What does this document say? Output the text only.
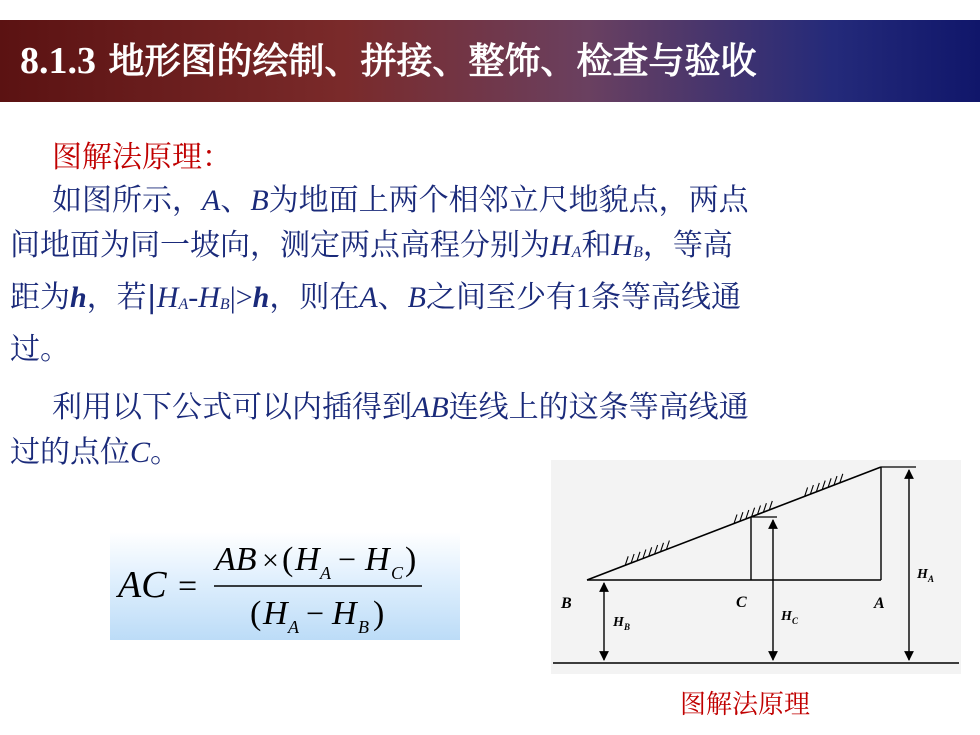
8.1.3 地形图的绘制、拼接、整饰、检查与验收
图解法原理：
如图所示，A、B为地面上两个相邻立尺地貌点，两点
间地面为同一坡向，测定两点高程分别为HA和HB，等高
距为h，若|HA-HB|>h，则在A、B之间至少有1条等高线通
过。
利用以下公式可以内插得到AB连线上的这条等高线通
过的点位C。
AC =
AB × ( H A − H C )
( H A − H B )	B	C	A
H B
H C
H A
图解法原理
